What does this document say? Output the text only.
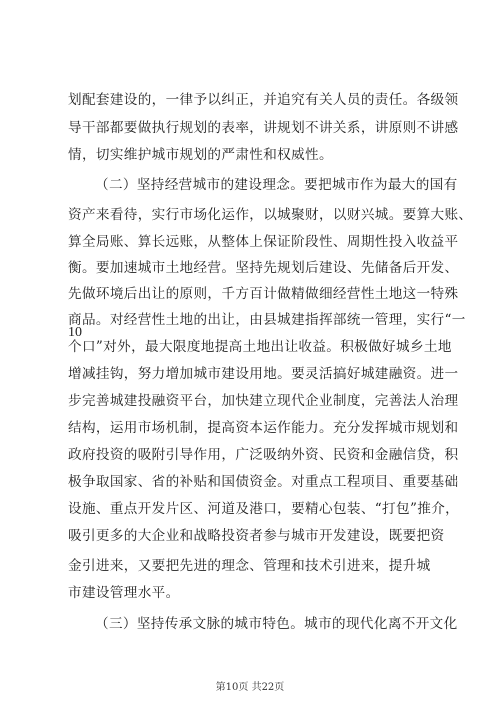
划配套建设的，一律予以纠正，并追究有关人员的责任。各级领
导干部都要做执行规划的表率，讲规划不讲关系，讲原则不讲感
情，切实维护城市规划的严肃性和权威性。
（二）坚持经营城市的建设理念。要把城市作为最大的国有
资产来看待，实行市场化运作，以城聚财，以财兴城。要算大账、
算全局账、算长远账，从整体上保证阶段性、周期性投入收益平
衡。要加速城市土地经营。坚持先规划后建设、先储备后开发、
先做环境后出让的原则，千方百计做精做细经营性土地这一特殊
商品。对经营性土地的出让，由县城建指挥部统一管理，实行“一
个口”对外，最大限度地提高土地出让收益。积极做好城乡土地
增减挂钩，努力增加城市建设用地。要灵活搞好城建融资。进一
步完善城建投融资平台，加快建立现代企业制度，完善法人治理
结构，运用市场机制，提高资本运作能力。充分发挥城市规划和
政府投资的吸附引导作用，广泛吸纳外资、民资和金融信贷，积
极争取国家、省的补贴和国债资金。对重点工程项目、重要基础
设施、重点开发片区、河道及港口，要精心包装、“打包”推介，
吸引更多的大企业和战略投资者参与城市开发建设，既要把资
10
金引进来，又要把先进的理念、管理和技术引进来，提升城
市建设管理水平。
（三）坚持传承文脉的城市特色。城市的现代化离不开文化
第10页 共22页
